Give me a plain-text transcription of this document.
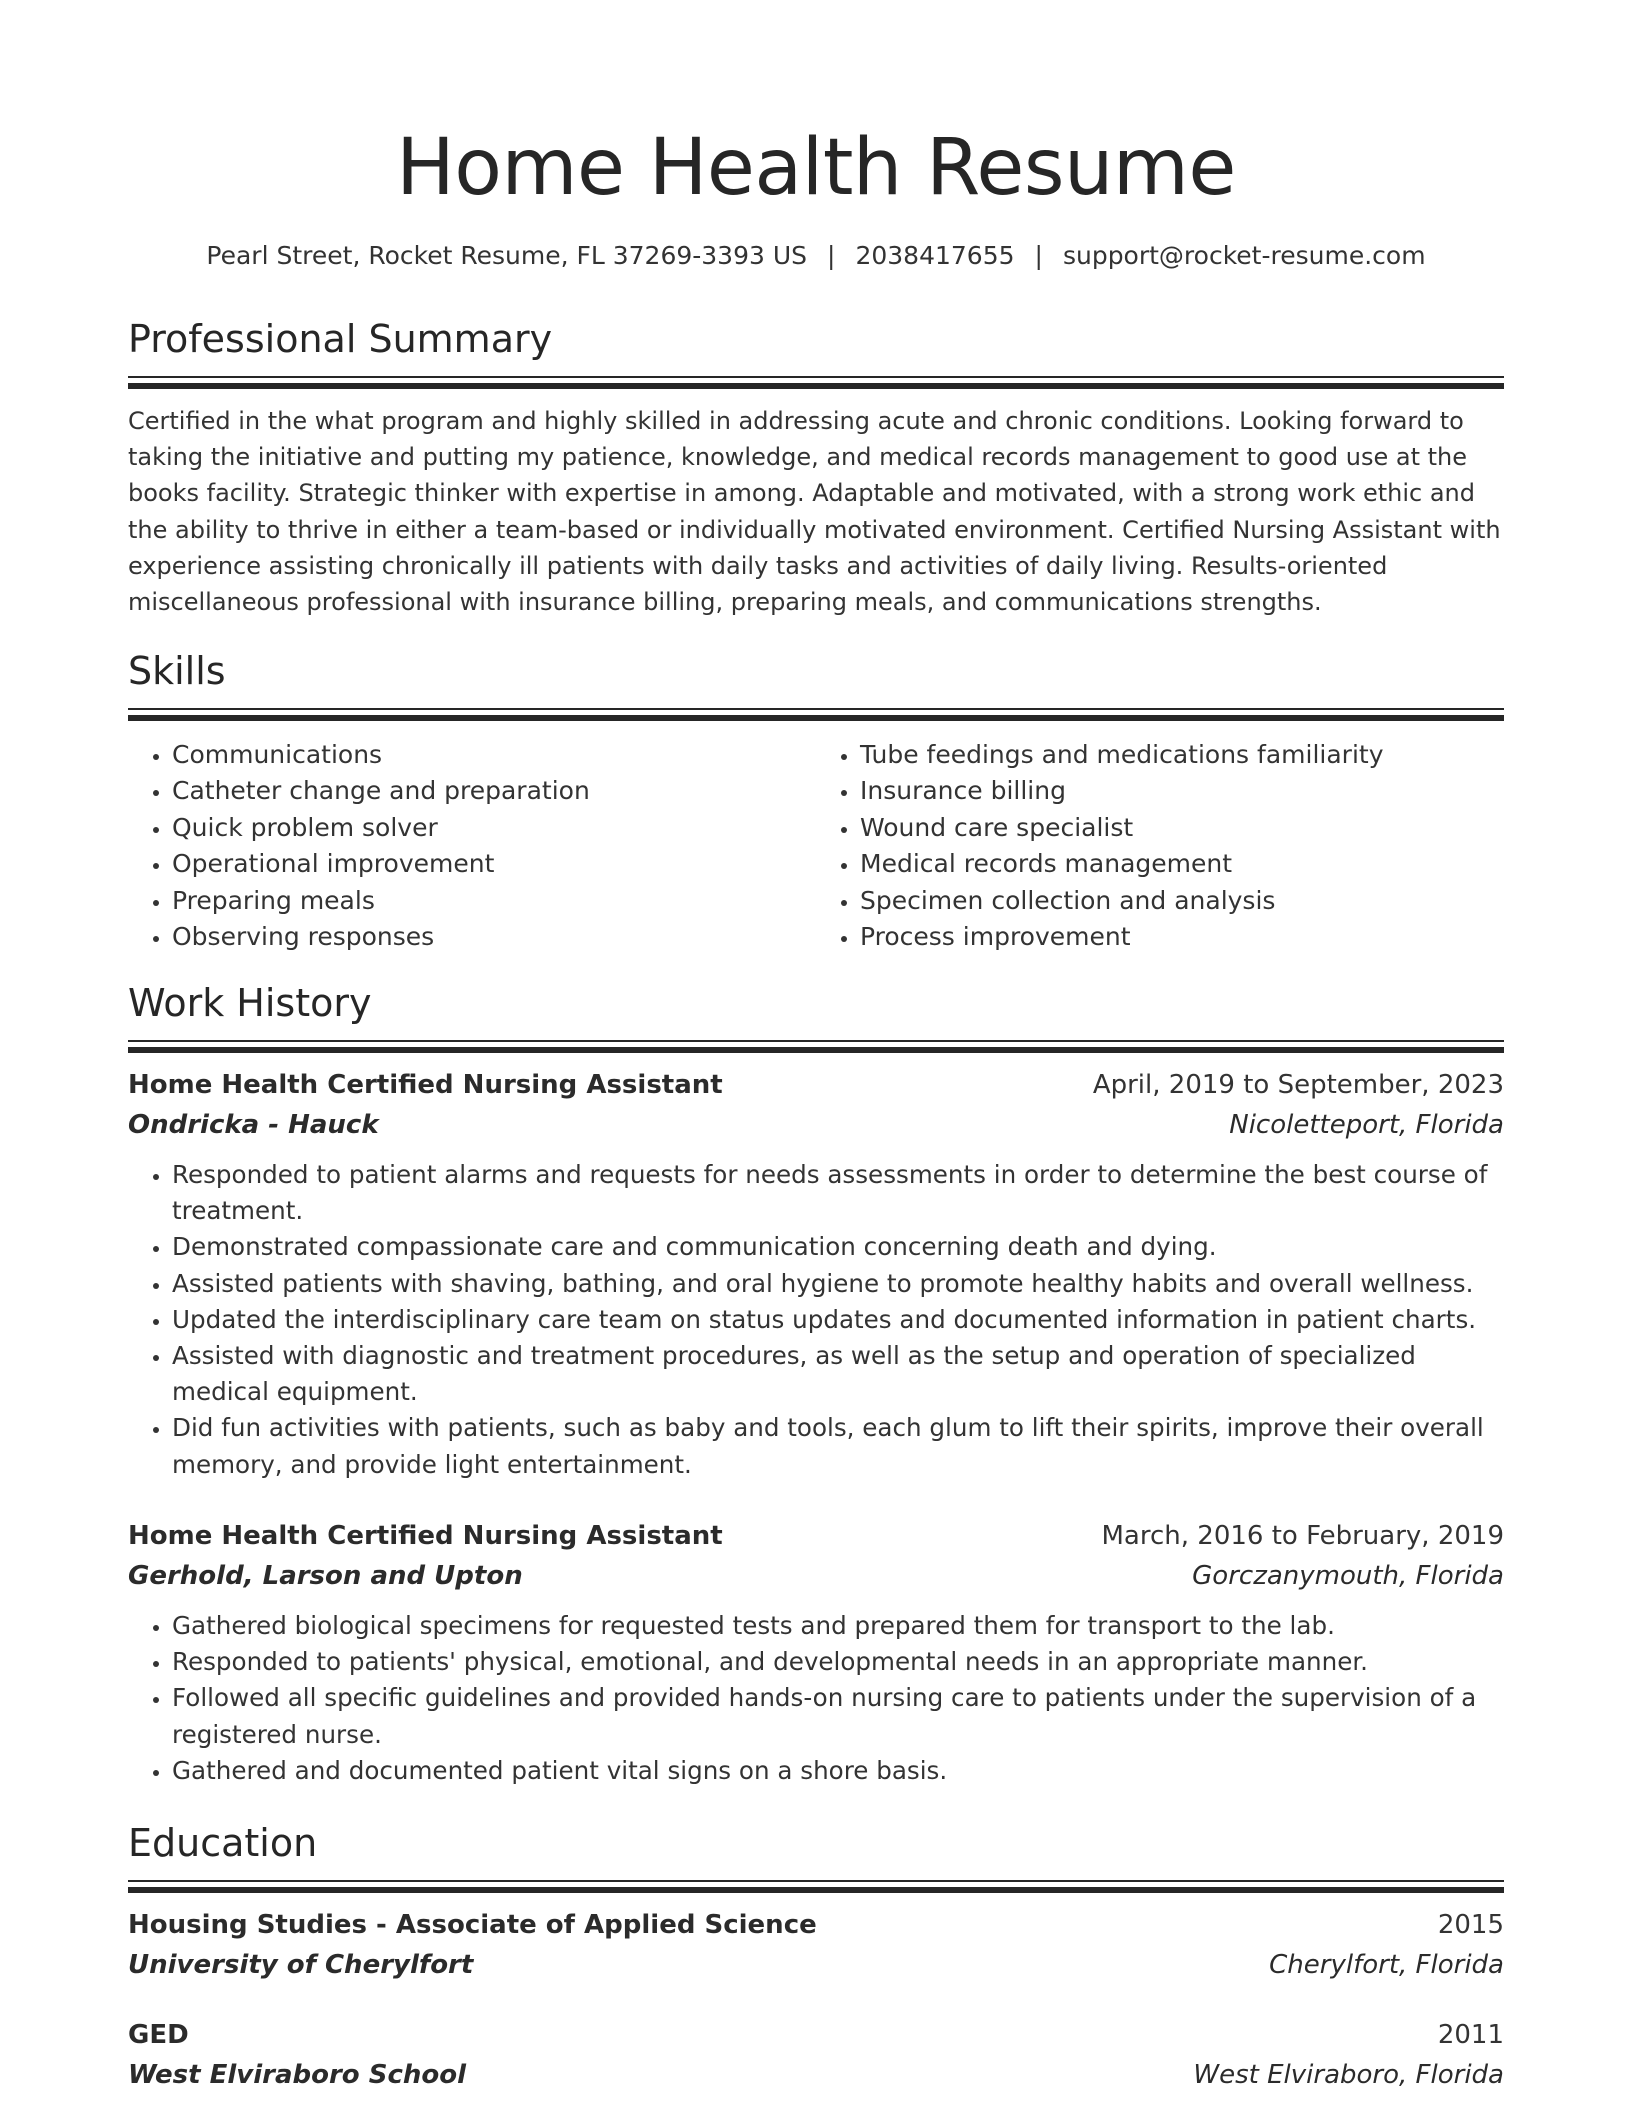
Home Health Resume
Pearl Street, Rocket Resume, FL 37269-3393 US | 2038417655 | support@rocket-resume.com
Professional Summary

Certified in the what program and highly skilled in addressing acute and chronic conditions. Looking forward to taking the initiative and putting my patience, knowledge, and medical records management to good use at the books facility. Strategic thinker with expertise in among. Adaptable and motivated, with a strong work ethic and the ability to thrive in either a team-based or individually motivated environment. Certified Nursing Assistant with experience assisting chronically ill patients with daily tasks and activities of daily living. Results-oriented miscellaneous professional with insurance billing, preparing meals, and communications strengths.

Skills
• Communications
• Catheter change and preparation
• Quick problem solver
• Operational improvement
• Preparing meals
• Observing responses
• Tube feedings and medications familiarity
• Insurance billing
• Wound care specialist
• Medical records management
• Specimen collection and analysis
• Process improvement
Work History
Home Health Certified Nursing Assistant	April, 2019 to September, 2023
Ondricka - Hauck	Nicoletteport, Florida
• Responded to patient alarms and requests for needs assessments in order to determine the best course of treatment.
• Demonstrated compassionate care and communication concerning death and dying.
• Assisted patients with shaving, bathing, and oral hygiene to promote healthy habits and overall wellness.
• Updated the interdisciplinary care team on status updates and documented information in patient charts.
• Assisted with diagnostic and treatment procedures, as well as the setup and operation of specialized medical equipment.
• Did fun activities with patients, such as baby and tools, each glum to lift their spirits, improve their overall memory, and provide light entertainment.
Home Health Certified Nursing Assistant	March, 2016 to February, 2019
Gerhold, Larson and Upton	Gorczanymouth, Florida
• Gathered biological specimens for requested tests and prepared them for transport to the lab.
• Responded to patients' physical, emotional, and developmental needs in an appropriate manner.
• Followed all specific guidelines and provided hands-on nursing care to patients under the supervision of a registered nurse.
• Gathered and documented patient vital signs on a shore basis.
Education
Housing Studies - Associate of Applied Science	2015
University of Cherylfort	Cherylfort, Florida
GED	2011
West Elviraboro School	West Elviraboro, Florida
